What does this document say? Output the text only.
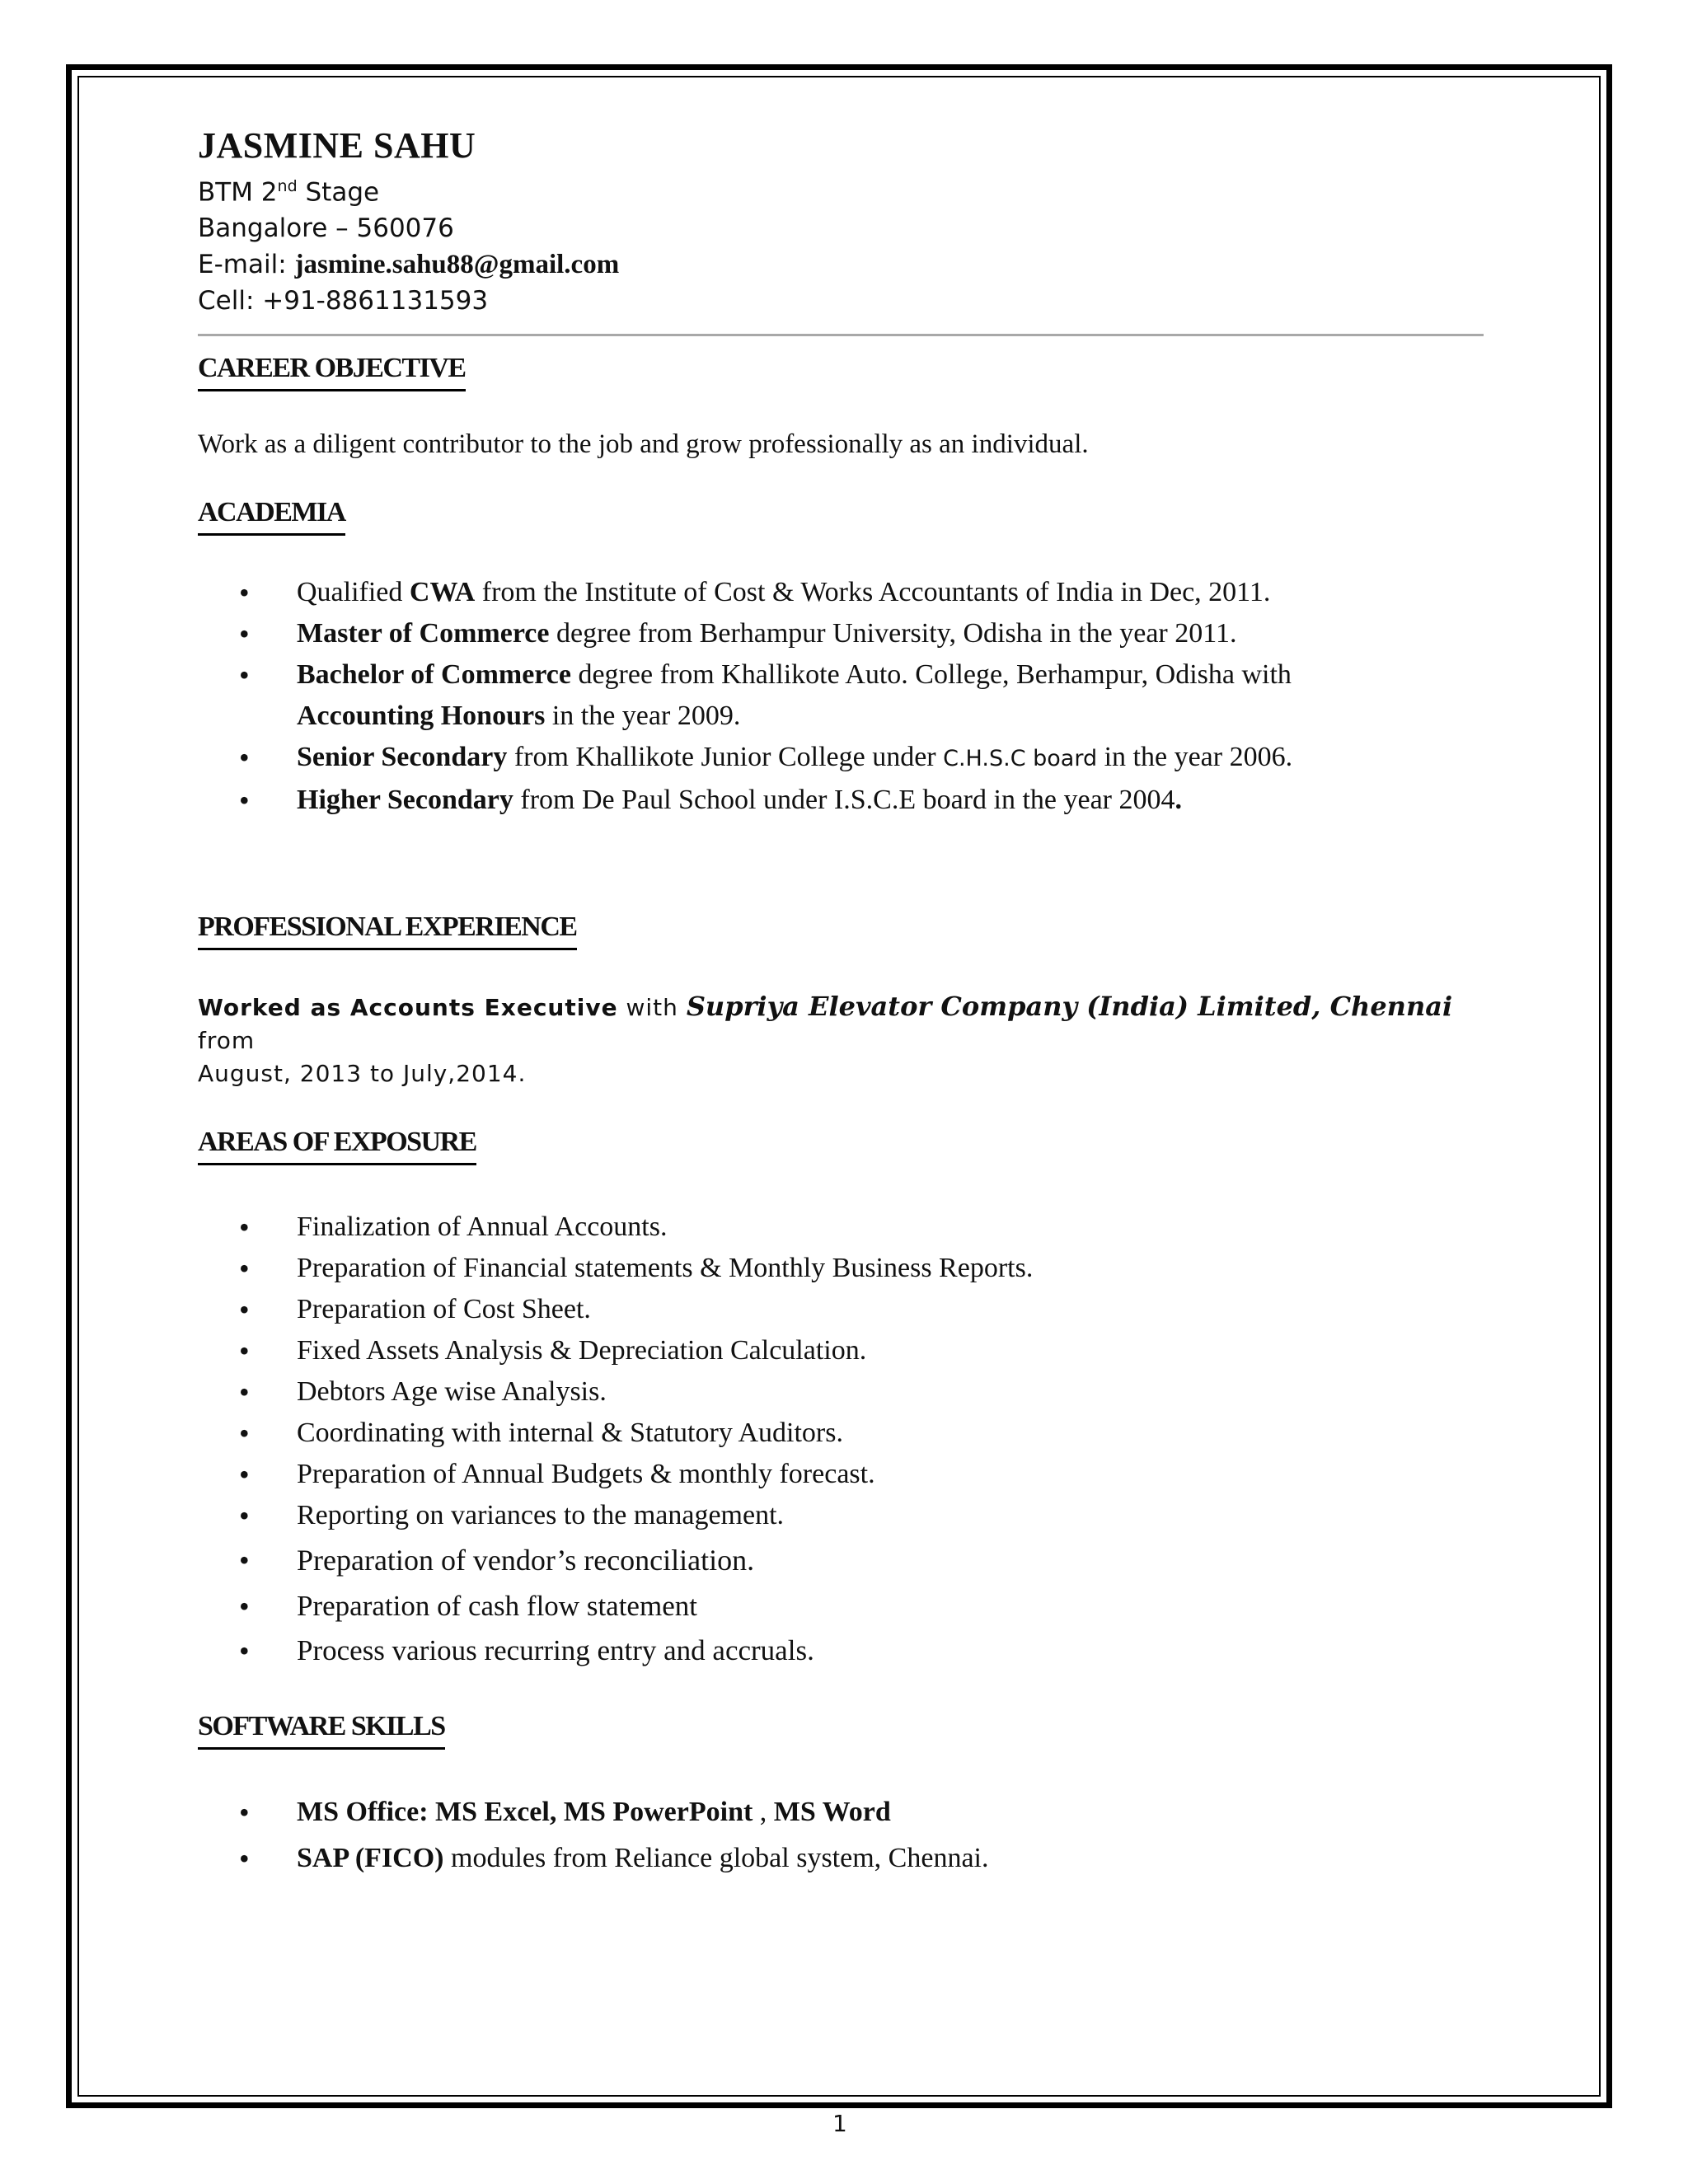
JASMINE SAHU
BTM 2nd Stage
Bangalore – 560076
E-mail: jasmine.sahu88@gmail.com
Cell: +91-8861131593
CAREER OBJECTIVE

Work as a diligent contributor to the job and grow professionally as an individual.

ACADEMIA
• Qualified CWA from the Institute of Cost & Works Accountants of India in Dec, 2011.
• Master of Commerce degree from Berhampur University, Odisha in the year 2011.
• Bachelor of Commerce degree from Khallikote Auto. College, Berhampur, Odisha with
Accounting Honours in the year 2009.
• Senior Secondary from Khallikote Junior College under C.H.S.C board in the year 2006.
• Higher Secondary from De Paul School under I.S.C.E board in the year 2004.
PROFESSIONAL EXPERIENCE
Worked as Accounts Executive with Supriya Elevator Company (India) Limited, Chennai from
August, 2013 to July,2014.
AREAS OF EXPOSURE
• Finalization of Annual Accounts.
• Preparation of Financial statements & Monthly Business Reports.
• Preparation of Cost Sheet.
• Fixed Assets Analysis & Depreciation Calculation.
• Debtors Age wise Analysis.
• Coordinating with internal & Statutory Auditors.
• Preparation of Annual Budgets & monthly forecast.
• Reporting on variances to the management.
• Preparation of vendor’s reconciliation.
• Preparation of cash flow statement
• Process various recurring entry and accruals.
SOFTWARE SKILLS
• MS Office: MS Excel, MS PowerPoint , MS Word
• SAP (FICO) modules from Reliance global system, Chennai.
1
